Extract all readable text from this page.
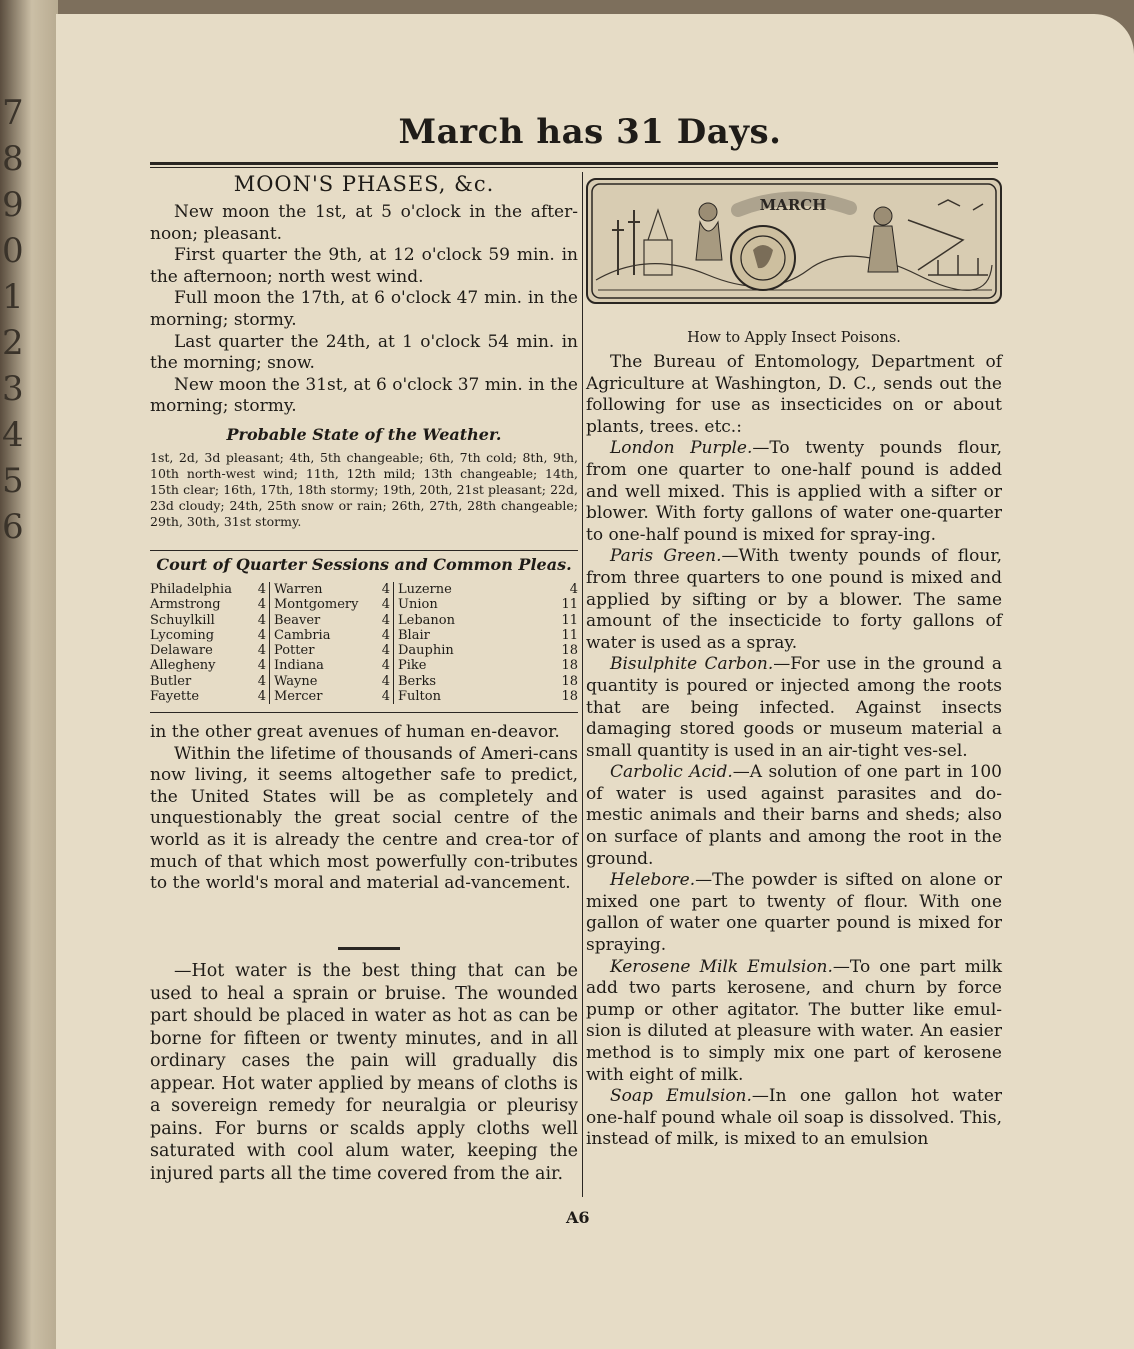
7
8
9
0
1
2
3
4
5
6
March has 31 Days.
MOON'S PHASES, &c.

New moon the 1st, at 5 o'clock in the after-noon; pleasant.

First quarter the 9th, at 12 o'clock 59 min. in the afternoon; north west wind.

Full moon the 17th, at 6 o'clock 47 min. in the morning; stormy.

Last quarter the 24th, at 1 o'clock 54 min. in the morning; snow.

New moon the 31st, at 6 o'clock 37 min. in the morning; stormy.

Probable State of the Weather.
1st, 2d, 3d pleasant; 4th, 5th changeable; 6th, 7th cold; 8th, 9th, 10th north-west wind; 11th, 12th mild; 13th changeable; 14th, 15th clear; 16th, 17th, 18th stormy; 19th, 20th, 21st pleasant; 22d, 23d cloudy; 24th, 25th snow or rain; 26th, 27th, 28th changeable; 29th, 30th, 31st stormy.
Court of Quarter Sessions and Common Pleas.
Philadelphia	4	Warren	4	Luzerne	4
Armstrong	4	Montgomery	4	Union	11
Schuylkill	4	Beaver	4	Lebanon	11
Lycoming	4	Cambria	4	Blair	11
Delaware	4	Potter	4	Dauphin	18
Allegheny	4	Indiana	4	Pike	18
Butler	4	Wayne	4	Berks	18
Fayette	4	Mercer	4	Fulton	18

in the other great avenues of human en-deavor.

Within the lifetime of thousands of Ameri-cans now living, it seems altogether safe to predict, the United States will be as completely and unquestionably the great social centre of the world as it is already the centre and crea-tor of much of that which most powerfully con-tributes to the world's moral and material ad-vancement.

—Hot water is the best thing that can be used to heal a sprain or bruise. The wounded part should be placed in water as hot as can be borne for fifteen or twenty minutes, and in all ordinary cases the pain will gradually dis appear. Hot water applied by means of cloths is a sovereign remedy for neuralgia or pleurisy pains. For burns or scalds apply cloths well saturated with cool alum water, keeping the injured parts all the time covered from the air.

MARCH
How to Apply Insect Poisons.

The Bureau of Entomology, Department of Agriculture at Washington, D. C., sends out the following for use as insecticides on or about plants, trees. etc.:

London Purple.—To twenty pounds flour, from one quarter to one-half pound is added and well mixed. This is applied with a sifter or blower. With forty gallons of water one-quarter to one-half pound is mixed for spray-ing.

Paris Green.—With twenty pounds of flour, from three quarters to one pound is mixed and applied by sifting or by a blower. The same amount of the insecticide to forty gallons of water is used as a spray.

Bisulphite Carbon.—For use in the ground a quantity is poured or injected among the roots that are being infected. Against insects damaging stored goods or museum material a small quantity is used in an air-tight ves-sel.

Carbolic Acid.—A solution of one part in 100 of water is used against parasites and do-mestic animals and their barns and sheds; also on surface of plants and among the root in the ground.

Helebore.—The powder is sifted on alone or mixed one part to twenty of flour. With one gallon of water one quarter pound is mixed for spraying.

Kerosene Milk Emulsion.—To one part milk add two parts kerosene, and churn by force pump or other agitator. The butter like emul-sion is diluted at pleasure with water. An easier method is to simply mix one part of kerosene with eight of milk.

Soap Emulsion.—In one gallon hot water one-half pound whale oil soap is dissolved. This, instead of milk, is mixed to an emulsion

A6
